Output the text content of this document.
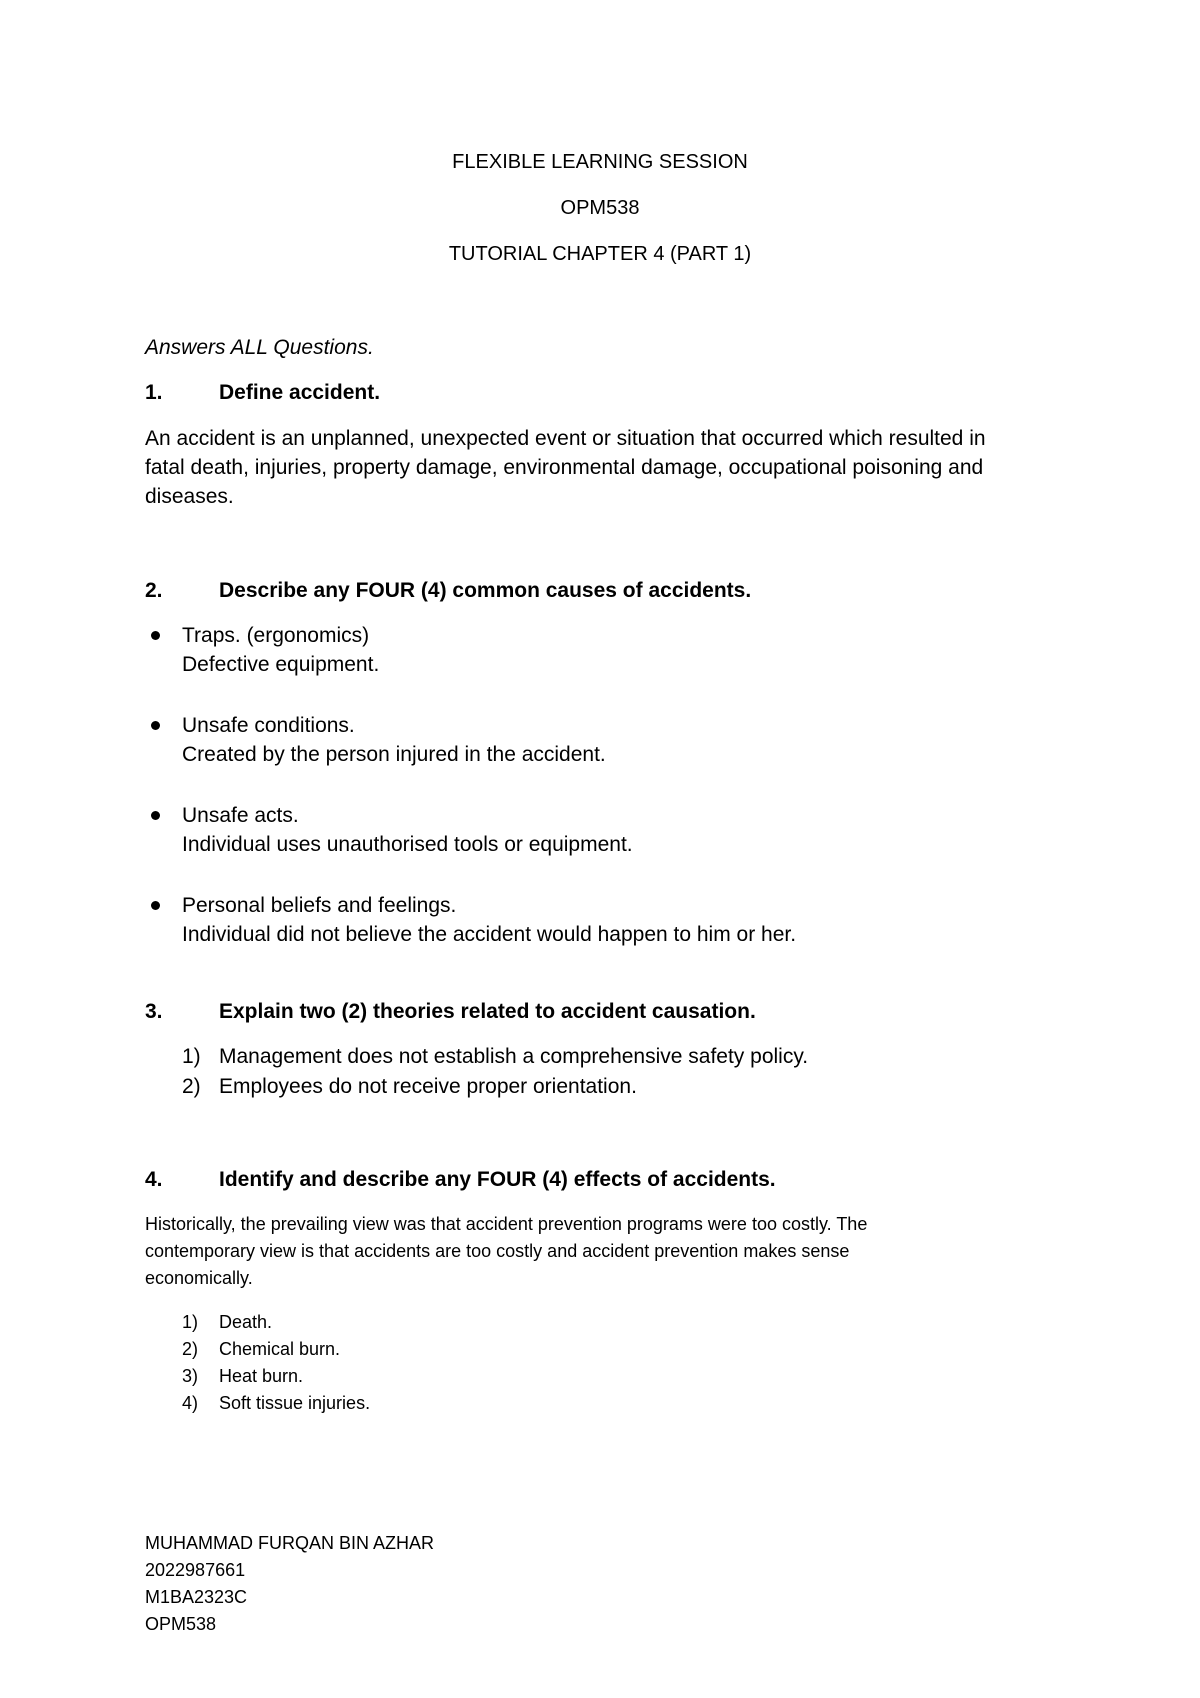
FLEXIBLE LEARNING SESSION
OPM538
TUTORIAL CHAPTER 4 (PART 1)
Answers ALL Questions.
1.	Define accident.
An accident is an unplanned, unexpected event or situation that occurred which resulted in
fatal death, injuries, property damage, environmental damage, occupational poisoning and
diseases.
2.	Describe any FOUR (4) common causes of accidents.
Traps. (ergonomics)
Defective equipment.
Unsafe conditions.
Created by the person injured in the accident.
Unsafe acts.
Individual uses unauthorised tools or equipment.
Personal beliefs and feelings.
Individual did not believe the accident would happen to him or her.
3.	Explain two (2) theories related to accident causation.
1) Management does not establish a comprehensive safety policy.
2) Employees do not receive proper orientation.
4.	Identify and describe any FOUR (4) effects of accidents.
Historically, the prevailing view was that accident prevention programs were too costly. The
contemporary view is that accidents are too costly and accident prevention makes sense
economically.
1) Death.
2) Chemical burn.
3) Heat burn.
4) Soft tissue injuries.
MUHAMMAD FURQAN BIN AZHAR
2022987661
M1BA2323C
OPM538
